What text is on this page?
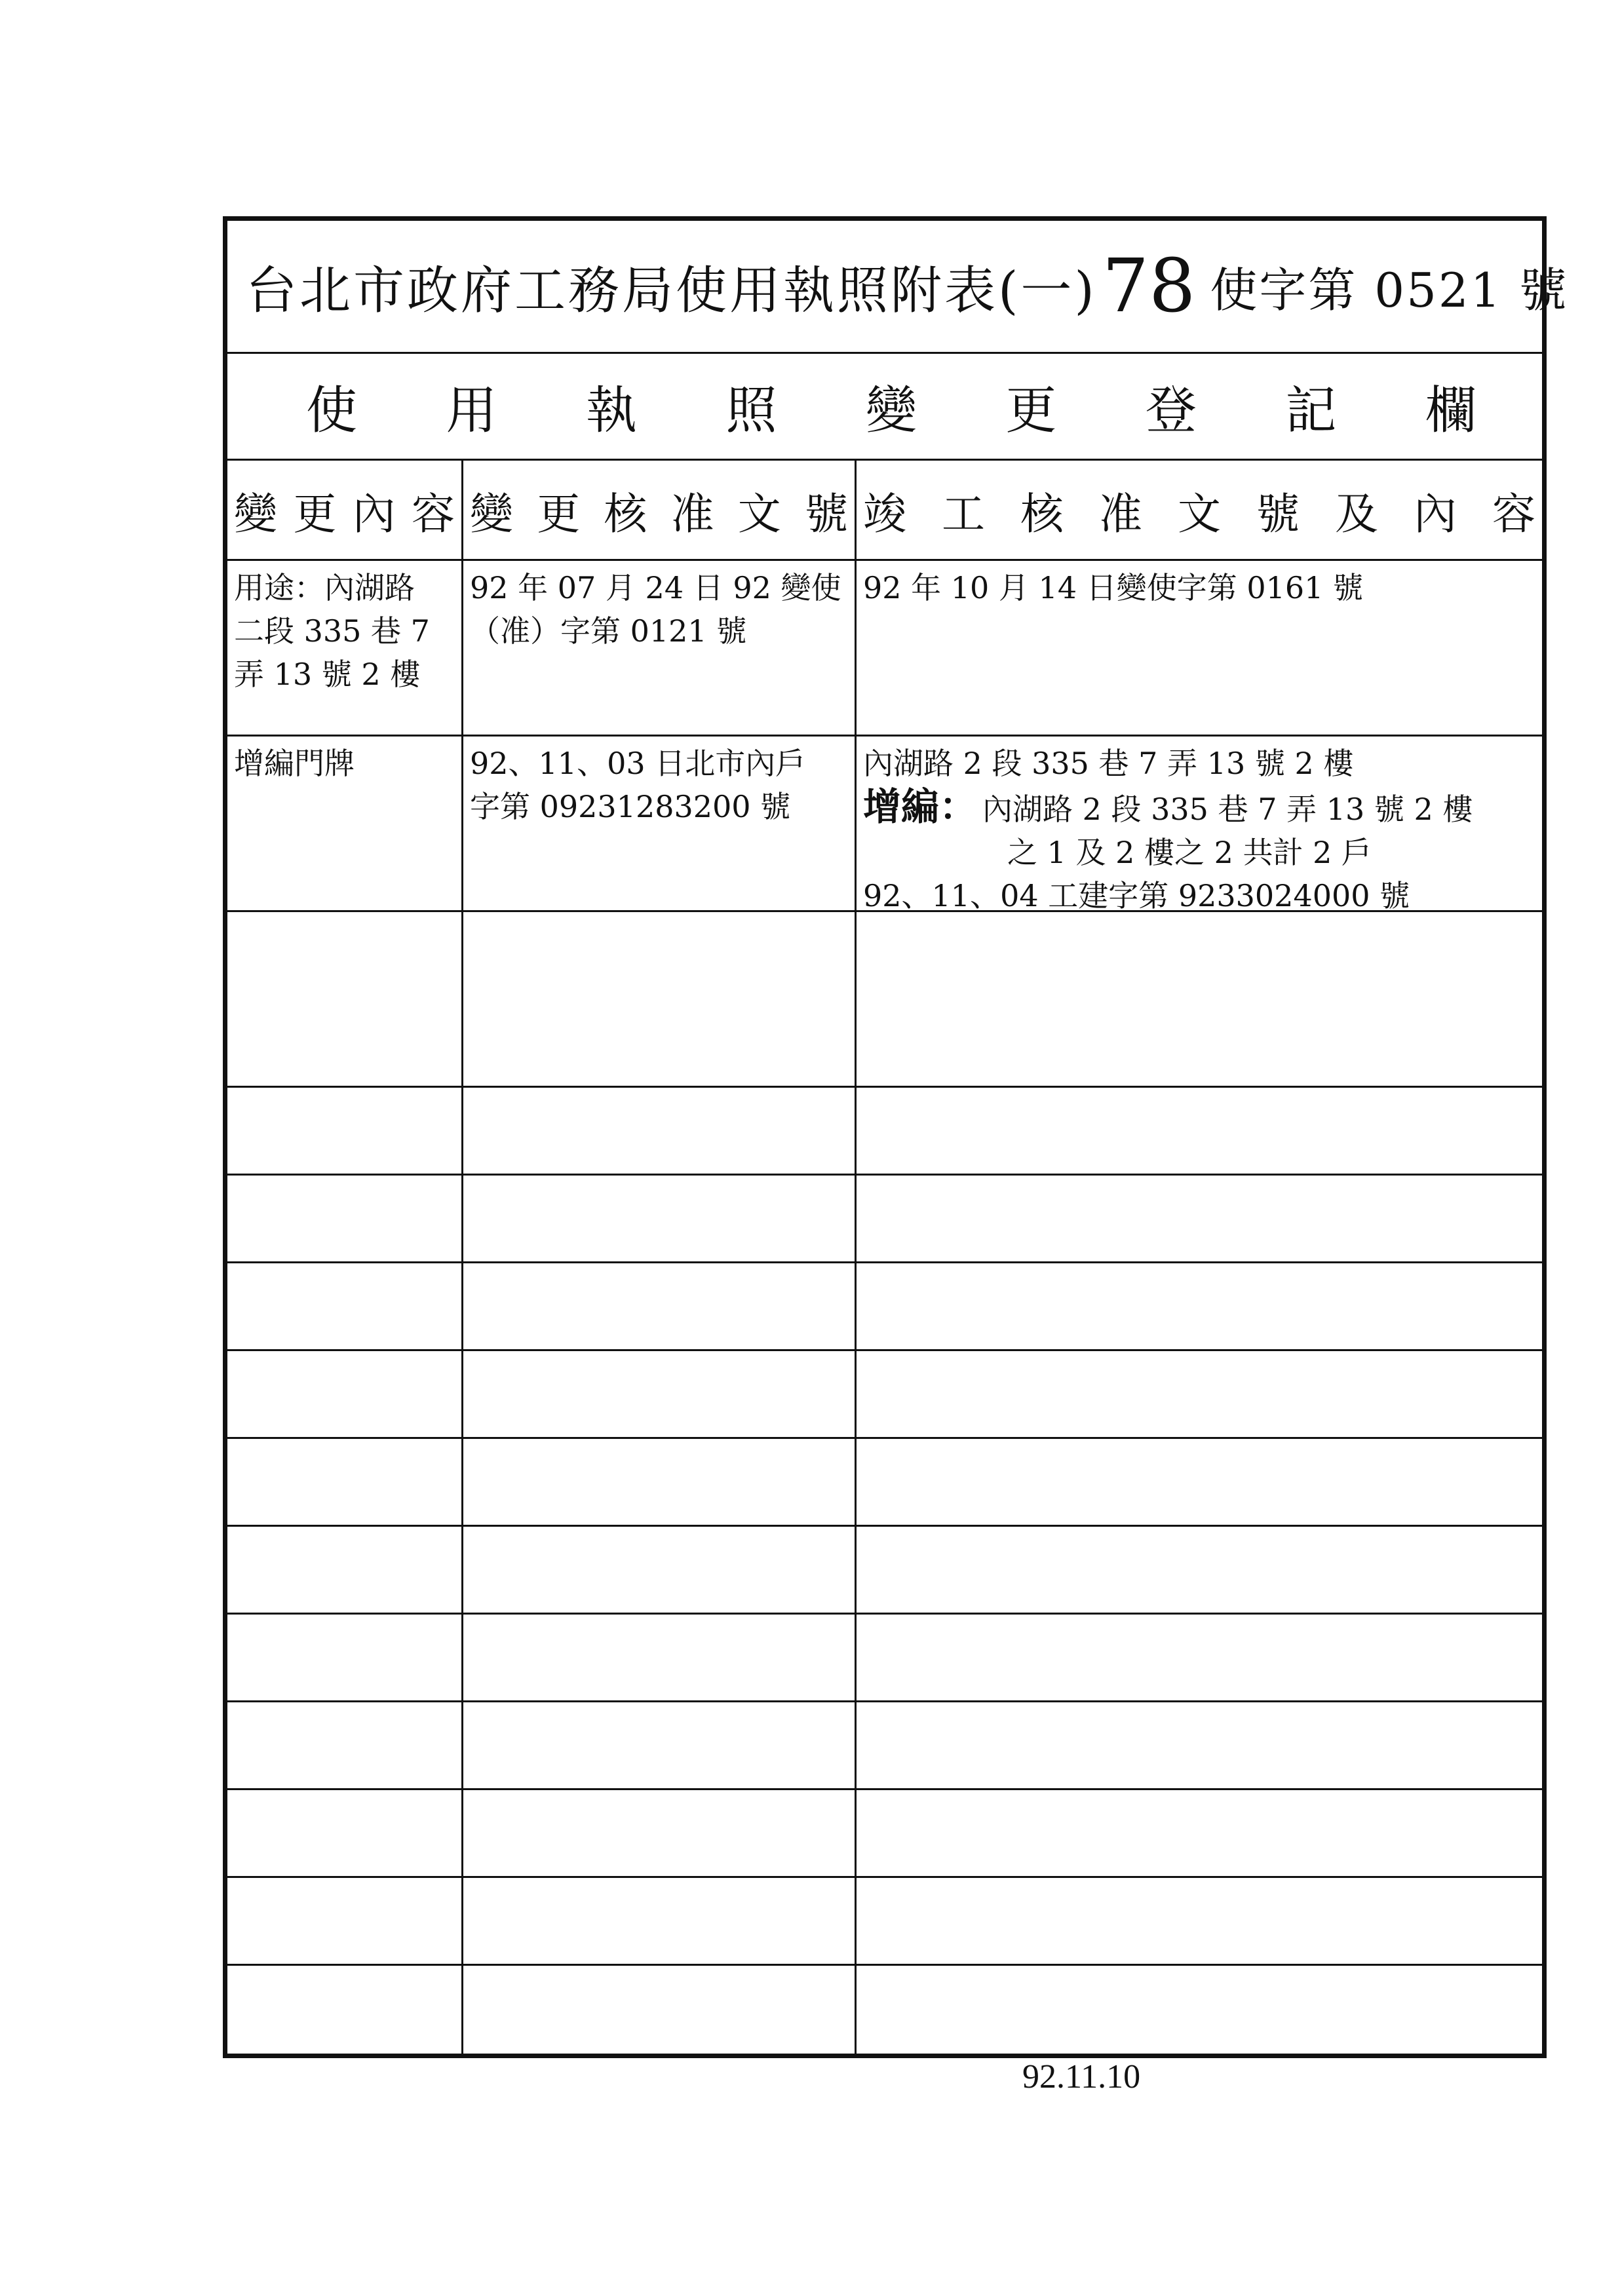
台北市政府工務局使用執照附表(一) 78 使字第 0521 號
使 用 執 照 變 更 登 記 欄
變 更 內 容 變 更 核 准 文 號 竣 工 核 准 文 號 及 內 容
用途：內湖路
二段 335 巷 7
弄 13 號 2 樓
92 年 07 月 24 日 92 變使
（准）字第 0121 號
92 年 10 月 14 日變使字第 0161 號
增編門牌	92、11、03 日北市內戶
字第 09231283200 號
內湖路 2 段 335 巷 7 弄 13 號 2 樓
增編： 內湖路 2 段 335 巷 7 弄 13 號 2 樓
之 1 及 2 樓之 2 共計 2 戶
92、11、04 工建字第 9233024000 號
92.11.10
